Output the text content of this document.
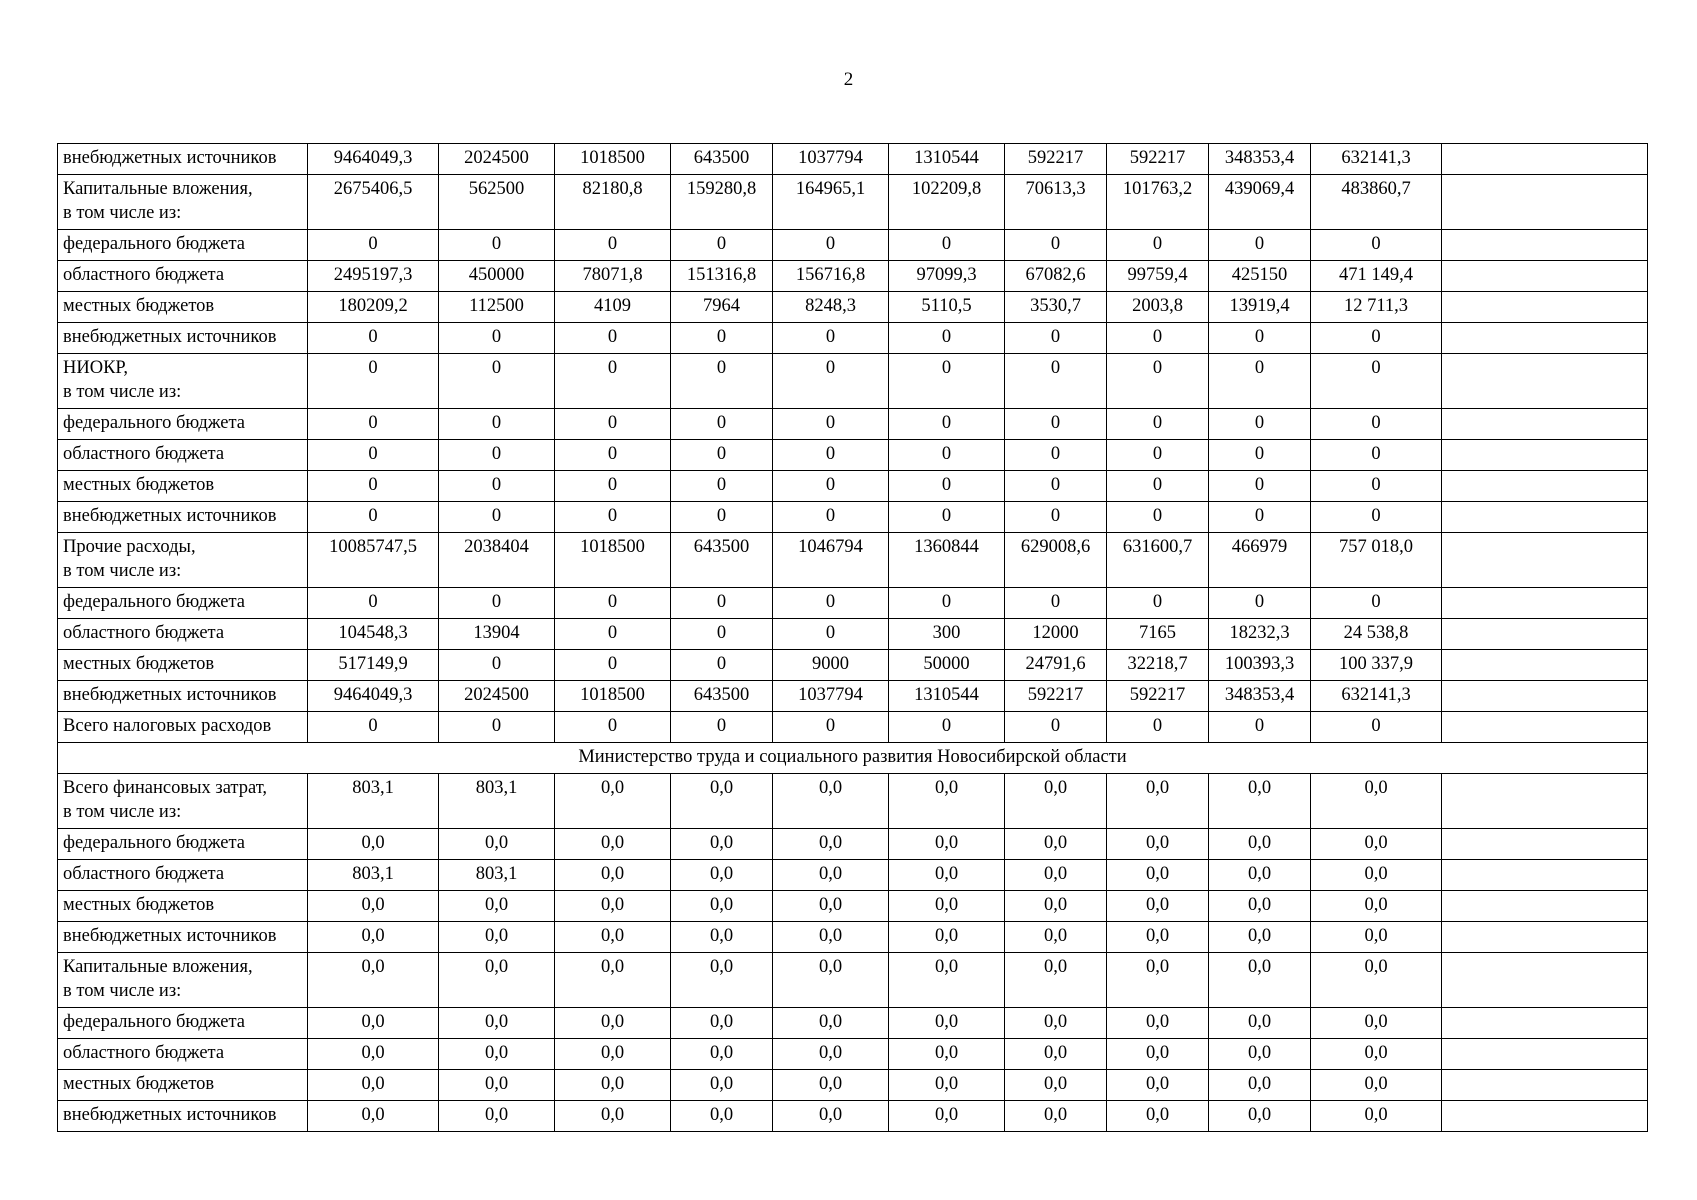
2
внебюджетных источников	9464049,3	2024500	1018500	643500	1037794	1310544	592217	592217	348353,4	632141,3	

Капитальные вложения,
в том числе из:	2675406,5	562500	82180,8	159280,8	164965,1	102209,8	70613,3	101763,2	439069,4	483860,7	

федерального бюджета	0	0	0	0	0	0	0	0	0	0	

областного бюджета	2495197,3	450000	78071,8	151316,8	156716,8	97099,3	67082,6	99759,4	425150	471 149,4	

местных бюджетов	180209,2	112500	4109	7964	8248,3	5110,5	3530,7	2003,8	13919,4	12 711,3	

внебюджетных источников	0	0	0	0	0	0	0	0	0	0	

НИОКР,
в том числе из:	0	0	0	0	0	0	0	0	0	0	

федерального бюджета	0	0	0	0	0	0	0	0	0	0	

областного бюджета	0	0	0	0	0	0	0	0	0	0	

местных бюджетов	0	0	0	0	0	0	0	0	0	0	

внебюджетных источников	0	0	0	0	0	0	0	0	0	0	

Прочие расходы,
в том числе из:	10085747,5	2038404	1018500	643500	1046794	1360844	629008,6	631600,7	466979	757 018,0	

федерального бюджета	0	0	0	0	0	0	0	0	0	0	

областного бюджета	104548,3	13904	0	0	0	300	12000	7165	18232,3	24 538,8	

местных бюджетов	517149,9	0	0	0	9000	50000	24791,6	32218,7	100393,3	100 337,9	

внебюджетных источников	9464049,3	2024500	1018500	643500	1037794	1310544	592217	592217	348353,4	632141,3	

Всего налоговых расходов	0	0	0	0	0	0	0	0	0	0	
Министерство труда и социального развития Новосибирской области											

Всего финансовых затрат,
в том числе из:	803,1	803,1	0,0	0,0	0,0	0,0	0,0	0,0	0,0	0,0	

федерального бюджета	0,0	0,0	0,0	0,0	0,0	0,0	0,0	0,0	0,0	0,0	

областного бюджета	803,1	803,1	0,0	0,0	0,0	0,0	0,0	0,0	0,0	0,0	

местных бюджетов	0,0	0,0	0,0	0,0	0,0	0,0	0,0	0,0	0,0	0,0	

внебюджетных источников	0,0	0,0	0,0	0,0	0,0	0,0	0,0	0,0	0,0	0,0	

Капитальные вложения,
в том числе из:	0,0	0,0	0,0	0,0	0,0	0,0	0,0	0,0	0,0	0,0	

федерального бюджета	0,0	0,0	0,0	0,0	0,0	0,0	0,0	0,0	0,0	0,0	

областного бюджета	0,0	0,0	0,0	0,0	0,0	0,0	0,0	0,0	0,0	0,0	

местных бюджетов	0,0	0,0	0,0	0,0	0,0	0,0	0,0	0,0	0,0	0,0	

внебюджетных источников	0,0	0,0	0,0	0,0	0,0	0,0	0,0	0,0	0,0	0,0	
